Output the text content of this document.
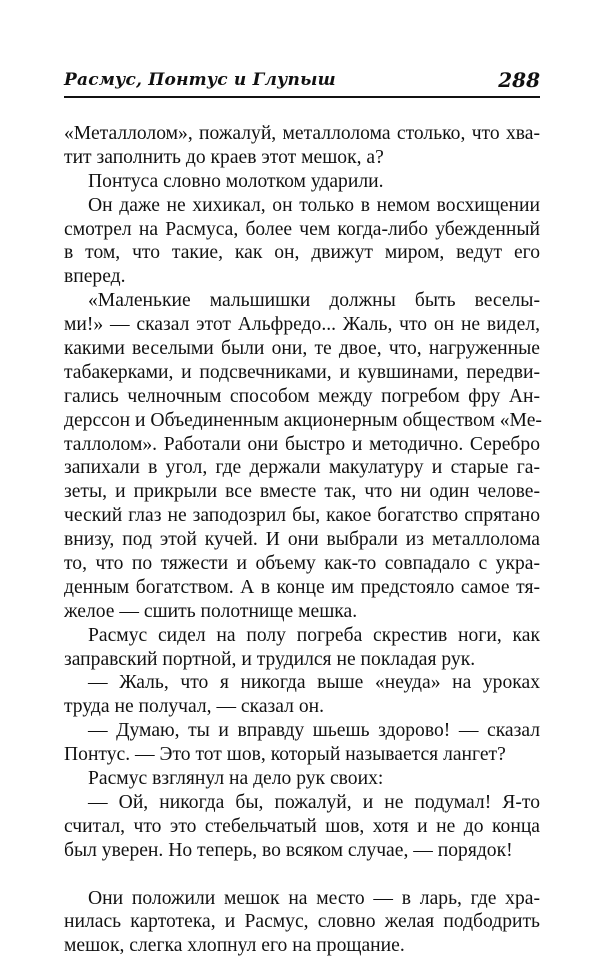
Расмус, Понтус и Глупыш	288
«Металлолом», пожалуй, металлолома столько, что хва-
тит заполнить до краев этот мешок, а?
Понтуса словно молотком ударили.
Он даже не хихикал, он только в немом восхищении
смотрел на Расмуса, более чем когда-либо убежденный
в том, что такие, как он, движут миром, ведут его
вперед.
«Маленькие мальшишки должны быть веселы-
ми!» — сказал этот Альфредо... Жаль, что он не видел,
какими веселыми были они, те двое, что, нагруженные
табакерками, и подсвечниками, и кувшинами, передви-
гались челночным способом между погребом фру Ан-
дерссон и Объединенным акционерным обществом «Ме-
таллолом». Работали они быстро и методично. Серебро
запихали в угол, где держали макулатуру и старые га-
зеты, и прикрыли все вместе так, что ни один челове-
ческий глаз не заподозрил бы, какое богатство спрятано
внизу, под этой кучей. И они выбрали из металлолома
то, что по тяжести и объему как-то совпадало с укра-
денным богатством. А в конце им предстояло самое тя-
желое — сшить полотнище мешка.
Расмус сидел на полу погреба скрестив ноги, как
заправский портной, и трудился не покладая рук.
— Жаль, что я никогда выше «неуда» на уроках
труда не получал, — сказал он.
— Думаю, ты и вправду шьешь здорово! — сказал
Понтус. — Это тот шов, который называется лангет?
Расмус взглянул на дело рук своих:
— Ой, никогда бы, пожалуй, и не подумал! Я-то
считал, что это стебельчатый шов, хотя и не до конца
был уверен. Но теперь, во всяком случае, — порядок!
Они положили мешок на место — в ларь, где хра-
нилась картотека, и Расмус, словно желая подбодрить
мешок, слегка хлопнул его на прощание.
